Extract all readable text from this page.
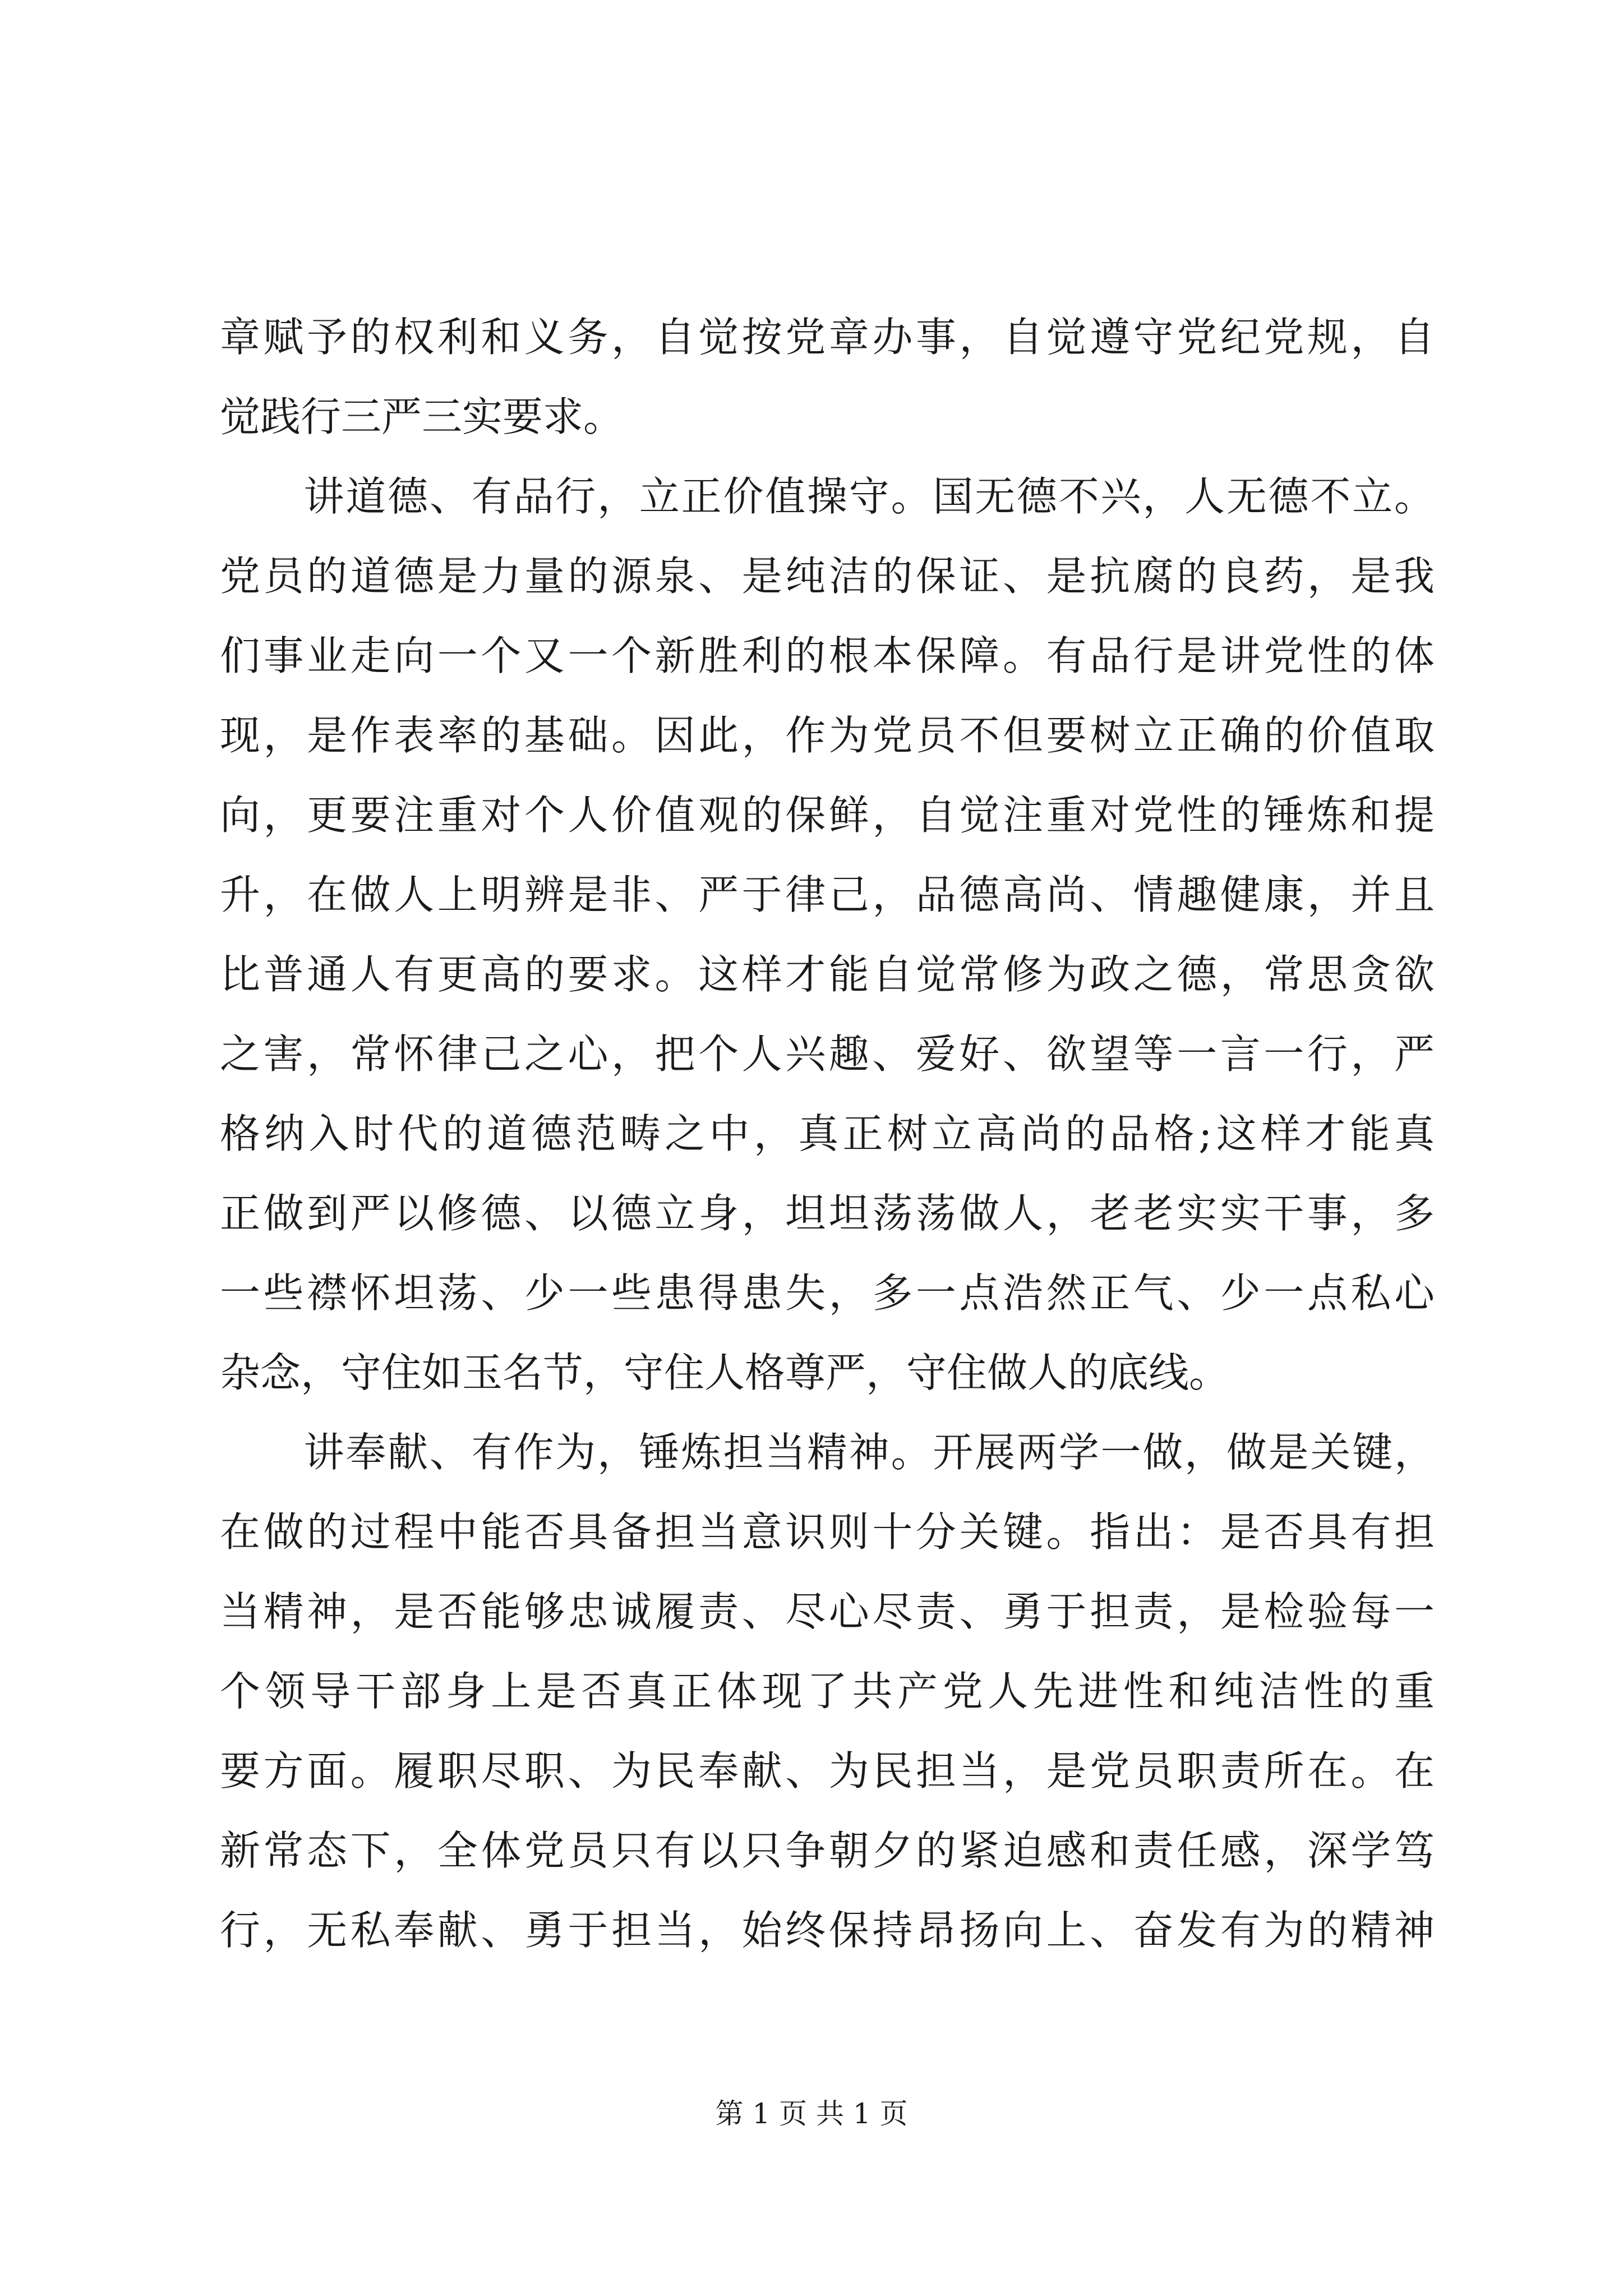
章赋予的权利和义务，自觉按党章办事，自觉遵守党纪党规，自
觉践行三严三实要求。
　　讲道德、有品行，立正价值操守。国无德不兴，人无德不立。
党员的道德是力量的源泉、是纯洁的保证、是抗腐的良药，是我
们事业走向一个又一个新胜利的根本保障。有品行是讲党性的体
现，是作表率的基础。因此，作为党员不但要树立正确的价值取
向，更要注重对个人价值观的保鲜，自觉注重对党性的锤炼和提
升，在做人上明辨是非、严于律己，品德高尚、情趣健康，并且
比普通人有更高的要求。这样才能自觉常修为政之德，常思贪欲
之害，常怀律己之心，把个人兴趣、爱好、欲望等一言一行，严
格纳入时代的道德范畴之中，真正树立高尚的品格;这样才能真
正做到严以修德、以德立身，坦坦荡荡做人，老老实实干事，多
一些襟怀坦荡、少一些患得患失，多一点浩然正气、少一点私心
杂念，守住如玉名节，守住人格尊严，守住做人的底线。
　　讲奉献、有作为，锤炼担当精神。开展两学一做，做是关键，
在做的过程中能否具备担当意识则十分关键。指出：是否具有担
当精神，是否能够忠诚履责、尽心尽责、勇于担责，是检验每一
个领导干部身上是否真正体现了共产党人先进性和纯洁性的重
要方面。履职尽职、为民奉献、为民担当，是党员职责所在。在
新常态下，全体党员只有以只争朝夕的紧迫感和责任感，深学笃
行，无私奉献、勇于担当，始终保持昂扬向上、奋发有为的精神
第 1 页 共 1 页
